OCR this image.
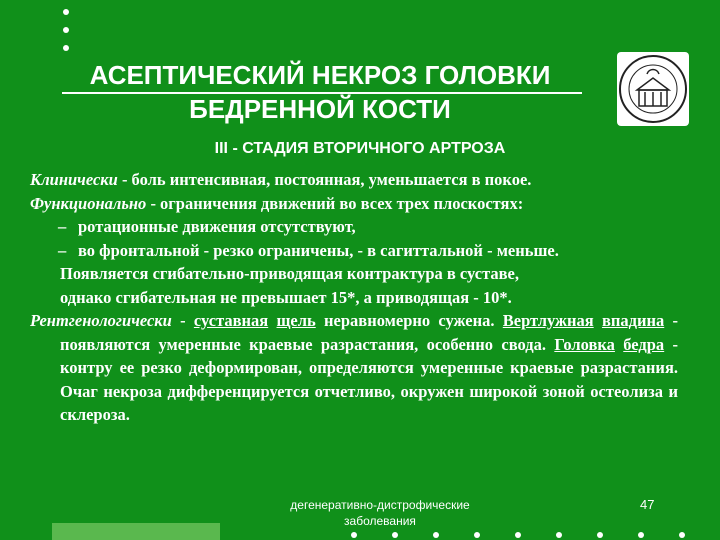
АСЕПТИЧЕСКИЙ НЕКРОЗ ГОЛОВКИ
БЕДРЕННОЙ КОСТИ
III - СТАДИЯ ВТОРИЧНОГО АРТРОЗА

Клинически - боль интенсивная, постоянная, уменьшается в покое.

Функционально - ограничения движений во всех трех плоскостях:

– ротационные движения отсутствуют,

– во фронтальной - резко ограничены, - в сагиттальной - меньше.

Появляется сгибательно-приводящая контрактура в суставе,

однако сгибательная не превышает 15*, а приводящая - 10*.

Рентгенологически - суставная щель неравномерно сужена. Вертлужная впадина - появляются умеренные краевые разрастания, особенно свода. Головка бедра - контру ее резко деформирован, определяются умеренные краевые разрастания. Очаг некроза дифференцируется отчетливо, окружен широкой зоной остеолиза и склероза.

дегенеративно-дистрофические
заболевания
47
